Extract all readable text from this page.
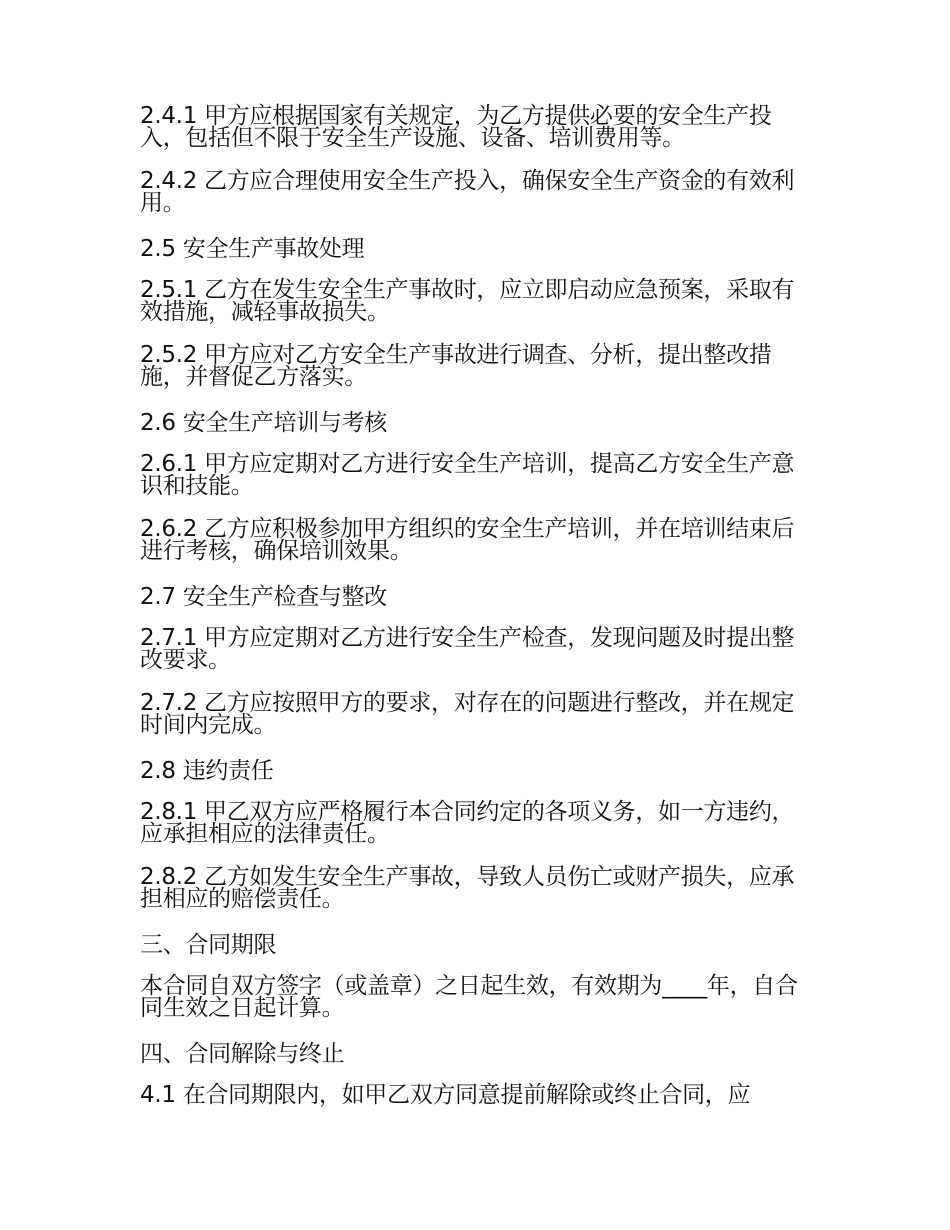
2.4.1 甲方应根据国家有关规定，为乙方提供必要的安全生产投入，包括但不限于安全生产设施、设备、培训费用等。

2.4.2 乙方应合理使用安全生产投入，确保安全生产资金的有效利用。

2.5 安全生产事故处理

2.5.1 乙方在发生安全生产事故时，应立即启动应急预案，采取有效措施，减轻事故损失。

2.5.2 甲方应对乙方安全生产事故进行调查、分析，提出整改措施，并督促乙方落实。

2.6 安全生产培训与考核

2.6.1 甲方应定期对乙方进行安全生产培训，提高乙方安全生产意识和技能。

2.6.2 乙方应积极参加甲方组织的安全生产培训，并在培训结束后进行考核，确保培训效果。

2.7 安全生产检查与整改

2.7.1 甲方应定期对乙方进行安全生产检查，发现问题及时提出整改要求。

2.7.2 乙方应按照甲方的要求，对存在的问题进行整改，并在规定时间内完成。

2.8 违约责任

2.8.1 甲乙双方应严格履行本合同约定的各项义务，如一方违约，应承担相应的法律责任。

2.8.2 乙方如发生安全生产事故，导致人员伤亡或财产损失，应承担相应的赔偿责任。

三、合同期限

本合同自双方签字（或盖章）之日起生效，有效期为____年，自合同生效之日起计算。

四、合同解除与终止

4.1 在合同期限内，如甲乙双方同意提前解除或终止合同，应
